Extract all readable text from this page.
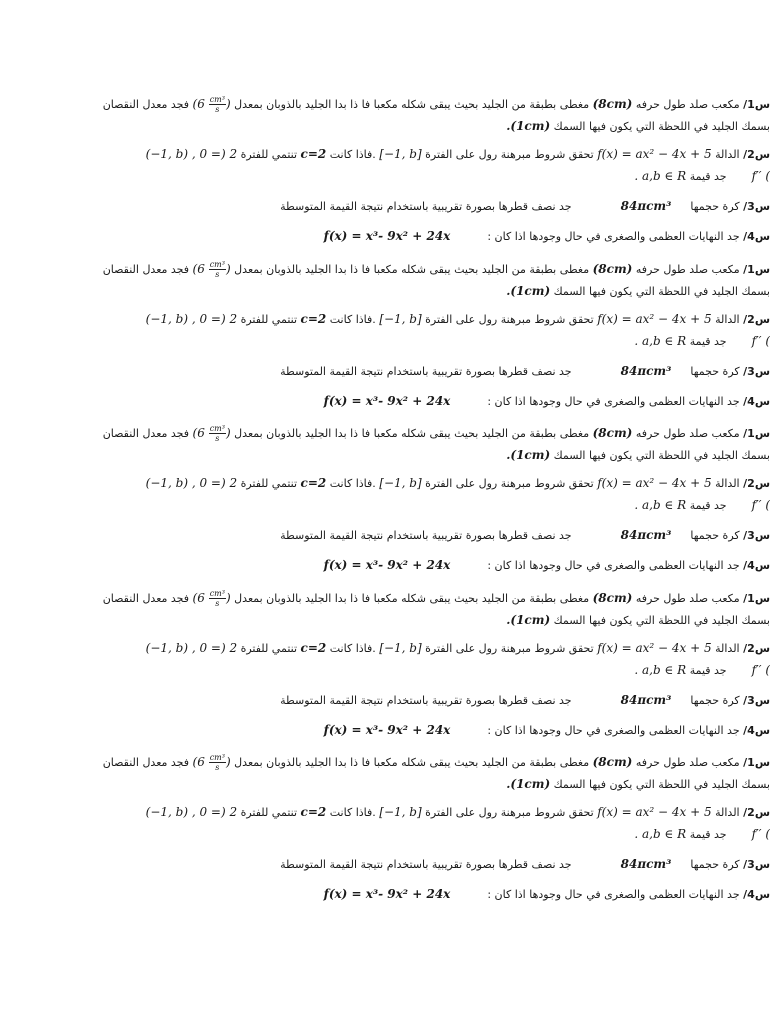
س1/ مكعب صلد طول حرفه (8cm) مغطى بطبقة من الجليد بحيث يبقى شكله مكعبا فا ذا بدا الجليد بالذوبان بمعدل ($6 \frac{\text{cm³}}{s}$ ) فجد معدل النقصان
بسمك الجليد في اللحظة التي يكون فيها السمك (1cm).
س2/ الدالة f(x) = ax² − 4x + 5 تحقق شروط مبرهنة رول على الفترة [−1, b] .فاذا كانت c=2 تنتمي للفترة (−1, b) , 0 =) 2
f′′ (  جد قيمة . a,b ∈ R
س3/ كرة حجمها  84πcm³  جد نصف قطرها بصورة تقريبية باستخدام نتيجة القيمة المتوسطة
س4/ جد النهايات العظمى والصغرى في حال وجودها اذا كان :  f(x) = x³- 9x² + 24x
س1/ مكعب صلد طول حرفه (8cm) مغطى بطبقة من الجليد بحيث يبقى شكله مكعبا فا ذا بدا الجليد بالذوبان بمعدل ($6 \frac{\text{cm³}}{s}$ ) فجد معدل النقصان
بسمك الجليد في اللحظة التي يكون فيها السمك (1cm).
س2/ الدالة f(x) = ax² − 4x + 5 تحقق شروط مبرهنة رول على الفترة [−1, b] .فاذا كانت c=2 تنتمي للفترة (−1, b) , 0 =) 2
f′′ (  جد قيمة . a,b ∈ R
س3/ كرة حجمها  84πcm³  جد نصف قطرها بصورة تقريبية باستخدام نتيجة القيمة المتوسطة
س4/ جد النهايات العظمى والصغرى في حال وجودها اذا كان :  f(x) = x³- 9x² + 24x
س1/ مكعب صلد طول حرفه (8cm) مغطى بطبقة من الجليد بحيث يبقى شكله مكعبا فا ذا بدا الجليد بالذوبان بمعدل ($6 \frac{\text{cm³}}{s}$ ) فجد معدل النقصان
بسمك الجليد في اللحظة التي يكون فيها السمك (1cm).
س2/ الدالة f(x) = ax² − 4x + 5 تحقق شروط مبرهنة رول على الفترة [−1, b] .فاذا كانت c=2 تنتمي للفترة (−1, b) , 0 =) 2
f′′ (  جد قيمة . a,b ∈ R
س3/ كرة حجمها  84πcm³  جد نصف قطرها بصورة تقريبية باستخدام نتيجة القيمة المتوسطة
س4/ جد النهايات العظمى والصغرى في حال وجودها اذا كان :  f(x) = x³- 9x² + 24x
س1/ مكعب صلد طول حرفه (8cm) مغطى بطبقة من الجليد بحيث يبقى شكله مكعبا فا ذا بدا الجليد بالذوبان بمعدل ($6 \frac{\text{cm³}}{s}$ ) فجد معدل النقصان
بسمك الجليد في اللحظة التي يكون فيها السمك (1cm).
س2/ الدالة f(x) = ax² − 4x + 5 تحقق شروط مبرهنة رول على الفترة [−1, b] .فاذا كانت c=2 تنتمي للفترة (−1, b) , 0 =) 2
f′′ (  جد قيمة . a,b ∈ R
س3/ كرة حجمها  84πcm³  جد نصف قطرها بصورة تقريبية باستخدام نتيجة القيمة المتوسطة
س4/ جد النهايات العظمى والصغرى في حال وجودها اذا كان :  f(x) = x³- 9x² + 24x
س1/ مكعب صلد طول حرفه (8cm) مغطى بطبقة من الجليد بحيث يبقى شكله مكعبا فا ذا بدا الجليد بالذوبان بمعدل ($6 \frac{\text{cm³}}{s}$ ) فجد معدل النقصان
بسمك الجليد في اللحظة التي يكون فيها السمك (1cm).
س2/ الدالة f(x) = ax² − 4x + 5 تحقق شروط مبرهنة رول على الفترة [−1, b] .فاذا كانت c=2 تنتمي للفترة (−1, b) , 0 =) 2
f′′ (  جد قيمة . a,b ∈ R
س3/ كرة حجمها  84πcm³  جد نصف قطرها بصورة تقريبية باستخدام نتيجة القيمة المتوسطة
س4/ جد النهايات العظمى والصغرى في حال وجودها اذا كان :  f(x) = x³- 9x² + 24x
